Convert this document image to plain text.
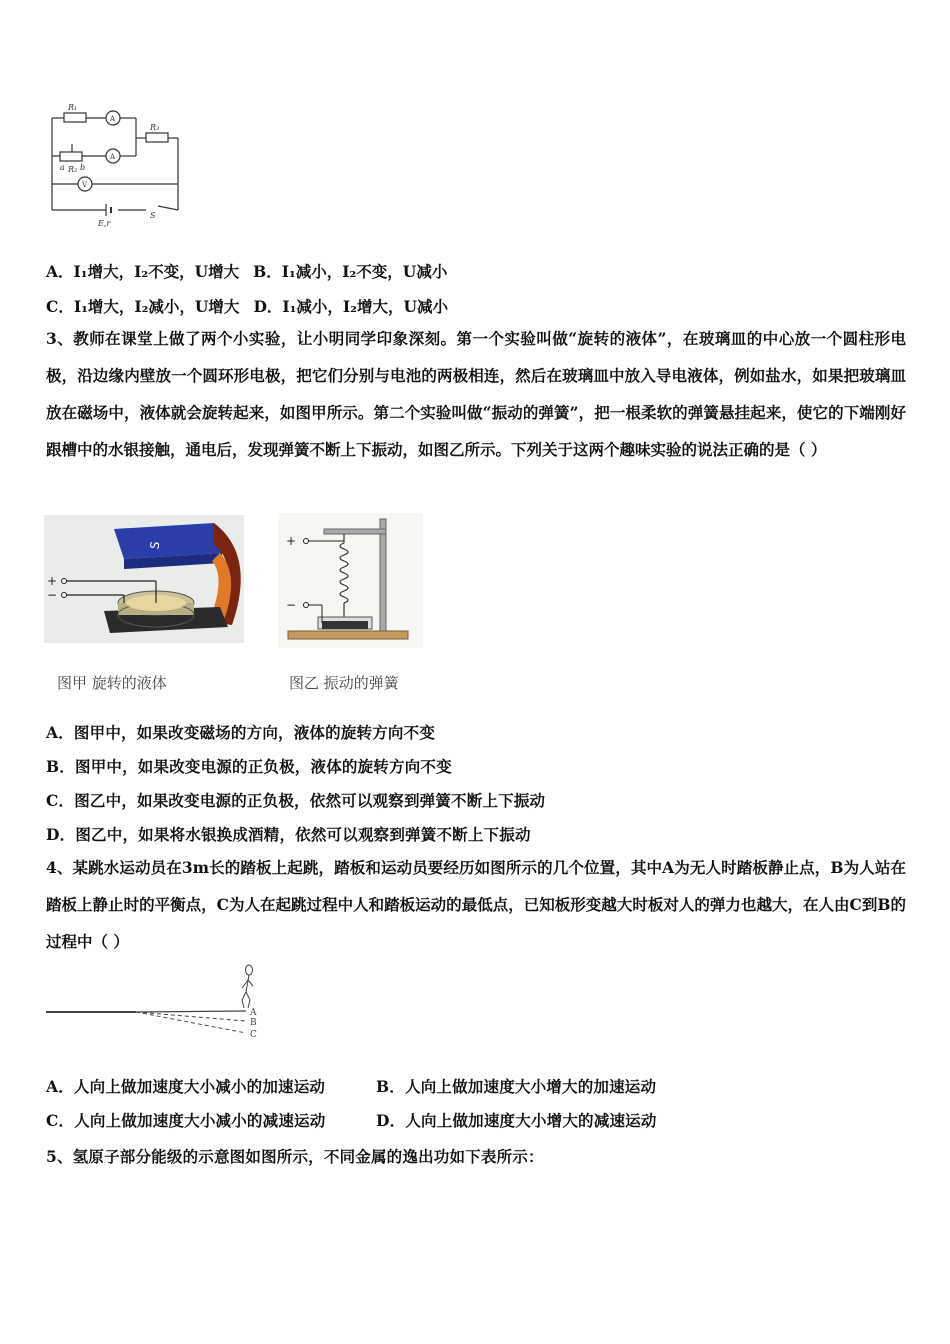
R₁
R₃
a R₂ b
E,r
S
A
A
V
A．I₁增大，I₂不变，U增大 B．I₁减小，I₂不变，U减小
C．I₁增大，I₂减小，U增大 D．I₁减小，I₂增大，U减小
3、教师在课堂上做了两个小实验，让小明同学印象深刻。第一个实验叫做“旋转的液体”，在玻璃皿的中心放一个圆柱形电极，沿边缘内壁放一个圆环形电极，把它们分别与电池的两极相连，然后在玻璃皿中放入导电液体，例如盐水，如果把玻璃皿放在磁场中，液体就会旋转起来，如图甲所示。第二个实验叫做“振动的弹簧”，把一根柔软的弹簧悬挂起来，使它的下端刚好跟槽中的水银接触，通电后，发现弹簧不断上下振动，如图乙所示。下列关于这两个趣味实验的说法正确的是（ ）
S
+
−
图甲 旋转的液体
+
−
图乙 振动的弹簧
A．图甲中，如果改变磁场的方向，液体的旋转方向不变
B．图甲中，如果改变电源的正负极，液体的旋转方向不变
C．图乙中，如果改变电源的正负极，依然可以观察到弹簧不断上下振动
D．图乙中，如果将水银换成酒精，依然可以观察到弹簧不断上下振动
4、某跳水运动员在3m长的踏板上起跳，踏板和运动员要经历如图所示的几个位置，其中A为无人时踏板静止点，B为人站在踏板上静止时的平衡点，C为人在起跳过程中人和踏板运动的最低点，已知板形变越大时板对人的弹力也越大，在人由C到B的过程中（ ）
A
B
C
A．人向上做加速度大小减小的加速运动	B．人向上做加速度大小增大的加速运动
C．人向上做加速度大小减小的减速运动	D．人向上做加速度大小增大的减速运动
5、氢原子部分能级的示意图如图所示，不同金属的逸出功如下表所示：
